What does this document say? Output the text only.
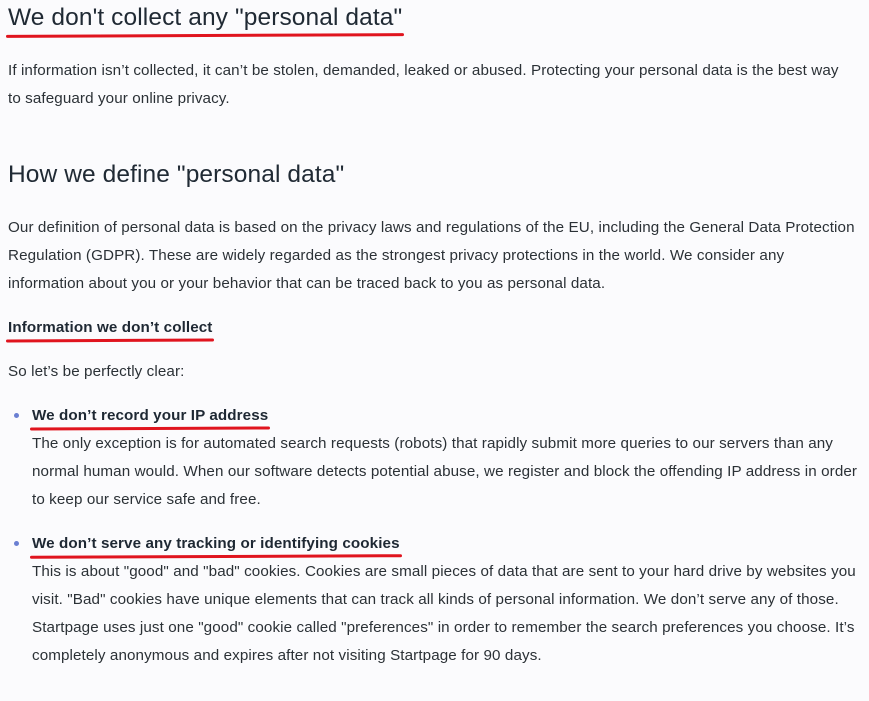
We don't collect any "personal data"

If information isn’t collected, it can’t be stolen, demanded, leaked or abused. Protecting your personal data is the best way to safeguard your online privacy.

How we define "personal data"

Our definition of personal data is based on the privacy laws and regulations of the EU, including the General Data Protection Regulation (GDPR). These are widely regarded as the strongest privacy protections in the world. We consider any information about you or your behavior that can be traced back to you as personal data.

Information we don’t collect

So let’s be perfectly clear:

We don’t record your IP address
The only exception is for automated search requests (robots) that rapidly submit more queries to our servers than any normal human would. When our software detects potential abuse, we register and block the offending IP address in order to keep our service safe and free.
We don’t serve any tracking or identifying cookies
This is about "good" and "bad" cookies. Cookies are small pieces of data that are sent to your hard drive by websites you visit. "Bad" cookies have unique elements that can track all kinds of personal information. We don’t serve any of those. Startpage uses just one "good" cookie called "preferences" in order to remember the search preferences you choose. It’s completely anonymous and expires after not visiting Startpage for 90 days.
